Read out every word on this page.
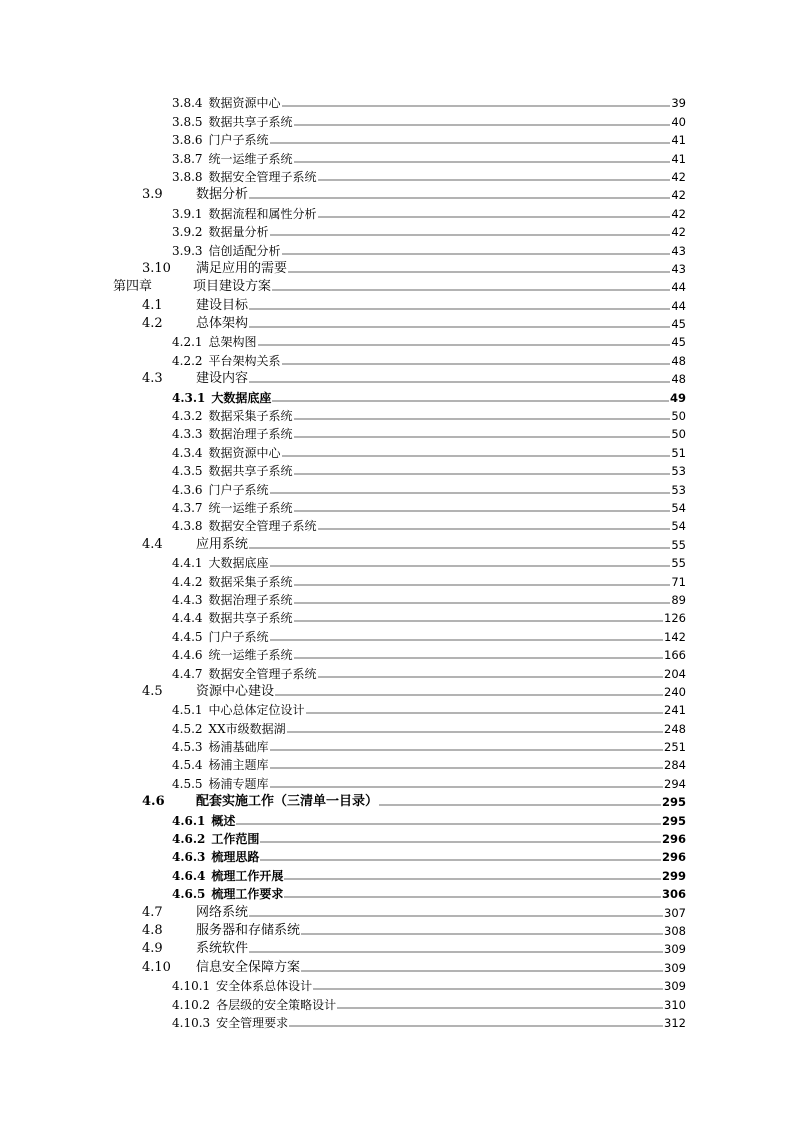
3.8.4 数据资源中心	39
3.8.5 数据共享子系统	40
3.8.6 门户子系统	41
3.8.7 统一运维子系统	41
3.8.8 数据安全管理子系统	42
3.9	数据分析	42
3.9.1 数据流程和属性分析	42
3.9.2 数据量分析	42
3.9.3 信创适配分析	43
3.10	满足应用的需要	43
第四章	项目建设方案	44
4.1	建设目标	44
4.2	总体架构	45
4.2.1 总架构图	45
4.2.2 平台架构关系	48
4.3	建设内容	48
4.3.1 大数据底座	49
4.3.2 数据采集子系统	50
4.3.3 数据治理子系统	50
4.3.4 数据资源中心	51
4.3.5 数据共享子系统	53
4.3.6 门户子系统	53
4.3.7 统一运维子系统	54
4.3.8 数据安全管理子系统	54
4.4	应用系统	55
4.4.1 大数据底座	55
4.4.2 数据采集子系统	71
4.4.3 数据治理子系统	89
4.4.4 数据共享子系统	126
4.4.5 门户子系统	142
4.4.6 统一运维子系统	166
4.4.7 数据安全管理子系统	204
4.5	资源中心建设	240
4.5.1 中心总体定位设计	241
4.5.2 XX市级数据湖	248
4.5.3 杨浦基础库	251
4.5.4 杨浦主题库	284
4.5.5 杨浦专题库	294
4.6	配套实施工作（三清单一目录）	295
4.6.1 概述	295
4.6.2 工作范围	296
4.6.3 梳理思路	296
4.6.4 梳理工作开展	299
4.6.5 梳理工作要求	306
4.7	网络系统	307
4.8	服务器和存储系统	308
4.9	系统软件	309
4.10	信息安全保障方案	309
4.10.1 安全体系总体设计	309
4.10.2 各层级的安全策略设计	310
4.10.3 安全管理要求	312
